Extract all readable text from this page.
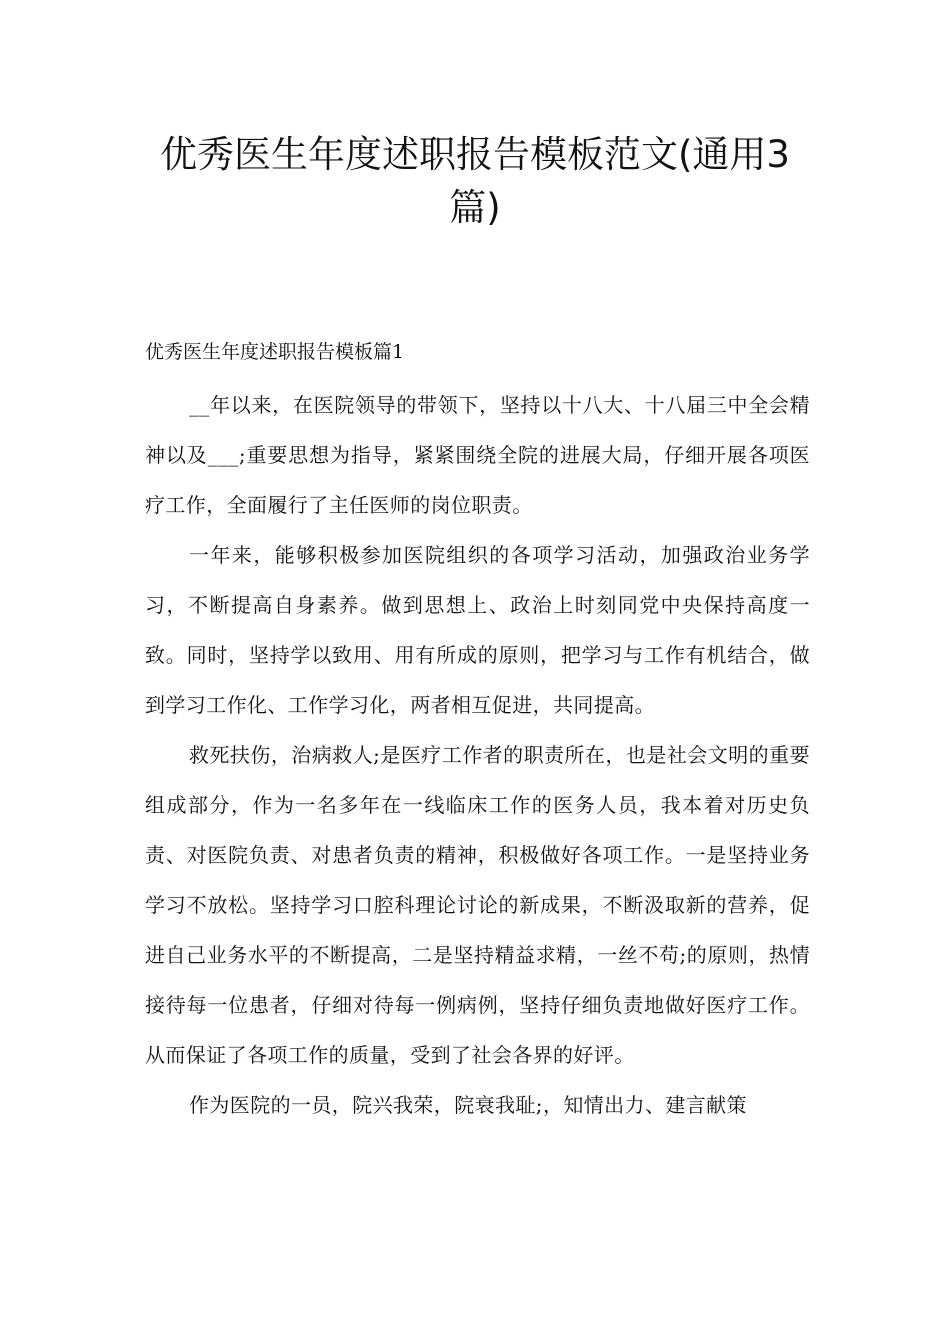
优秀医生年度述职报告模板范文(通用3篇)
优秀医生年度述职报告模板篇1

__年以来，在医院领导的带领下，坚持以十八大、十八届三中全会精神以及___;重要思想为指导，紧紧围绕全院的进展大局，仔细开展各项医疗工作，全面履行了主任医师的岗位职责。

一年来，能够积极参加医院组织的各项学习活动，加强政治业务学习，不断提高自身素养。做到思想上、政治上时刻同党中央保持高度一致。同时，坚持学以致用、用有所成的原则，把学习与工作有机结合，做到学习工作化、工作学习化，两者相互促进，共同提高。

救死扶伤，治病救人;是医疗工作者的职责所在，也是社会文明的重要组成部分，作为一名多年在一线临床工作的医务人员，我本着对历史负责、对医院负责、对患者负责的精神，积极做好各项工作。一是坚持业务学习不放松。坚持学习口腔科理论讨论的新成果，不断汲取新的营养，促进自己业务水平的不断提高，二是坚持精益求精，一丝不苟;的原则，热情接待每一位患者，仔细对待每一例病例，坚持仔细负责地做好医疗工作。从而保证了各项工作的质量，受到了社会各界的好评。

作为医院的一员，院兴我荣，院衰我耻;，知情出力、建言献策
